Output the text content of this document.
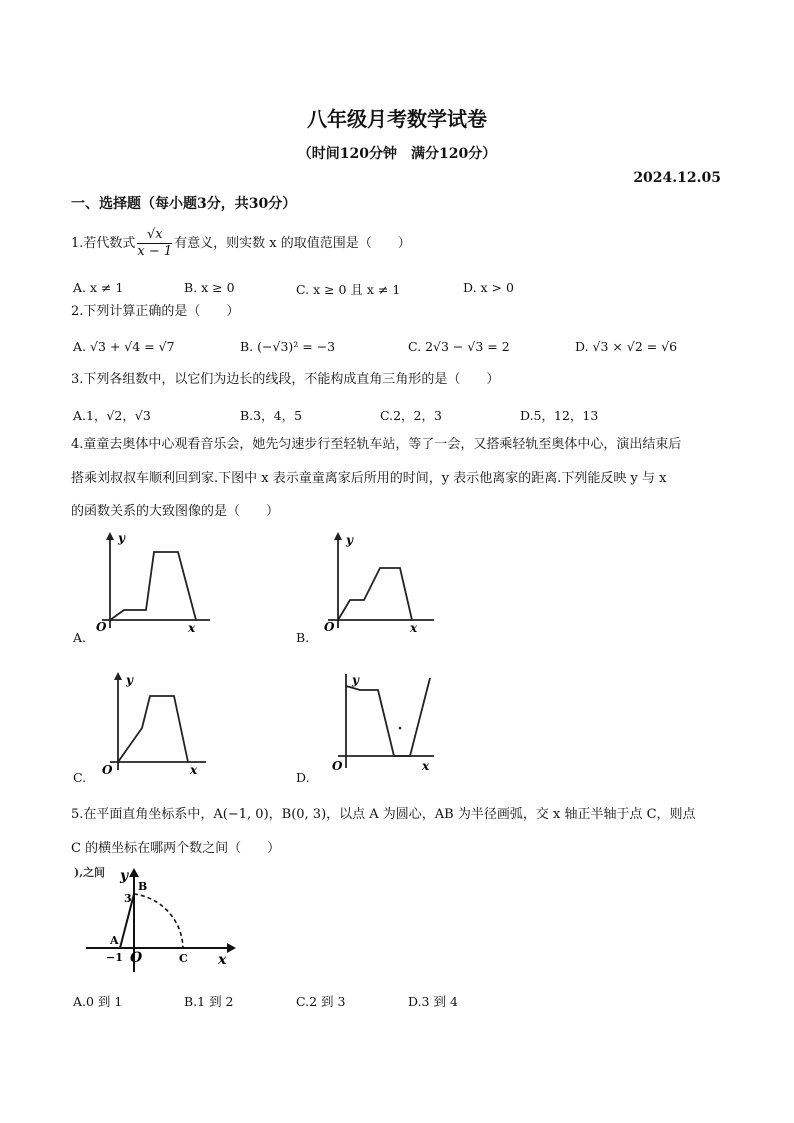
八年级月考数学试卷
（时间120分钟　满分120分）
2024.12.05
一、选择题（每小题3分，共30分）
1.若代数式 $\frac{√x}{x - 1}$ 有意义，则实数 x 的取值范围是（　　）
A. x ≠ 1	B. x ≥ 0	C. x ≥ 0 且 x ≠ 1	D. x > 0
2.下列计算正确的是（　　）
A. √3 + √4 = √7	B. (−√3)² = −3	C. 2√3 − √3 = 2	D. √3 × √2 = √6
3.下列各组数中，以它们为边长的线段，不能构成直角三角形的是（　　）
A.1，√2，√3	B.3，4，5	C.2，2，3	D.5，12，13
4.童童去奥体中心观看音乐会，她先匀速步行至轻轨车站，等了一会，又搭乘轻轨至奥体中心，演出结束后
搭乘刘叔叔车顺利回到家.下图中 x 表示童童离家后所用的时间，y 表示他离家的距离.下列能反映 y 与 x
的函数关系的大致图像的是（　　）
A.
y
O	x
B.
y
O	x
C.
y
O	x	D.
y
O	x
5.在平面直角坐标系中，A(−1, 0)，B(0, 3)，以点 A 为圆心，AB 为半径画弧，交 x 轴正半轴于点 C，则点
C 的横坐标在哪两个数之间（　　）
),之间 y
B
3
A
−1 O	C x
A.0 到 1	B.1 到 2	C.2 到 3	D.3 到 4
